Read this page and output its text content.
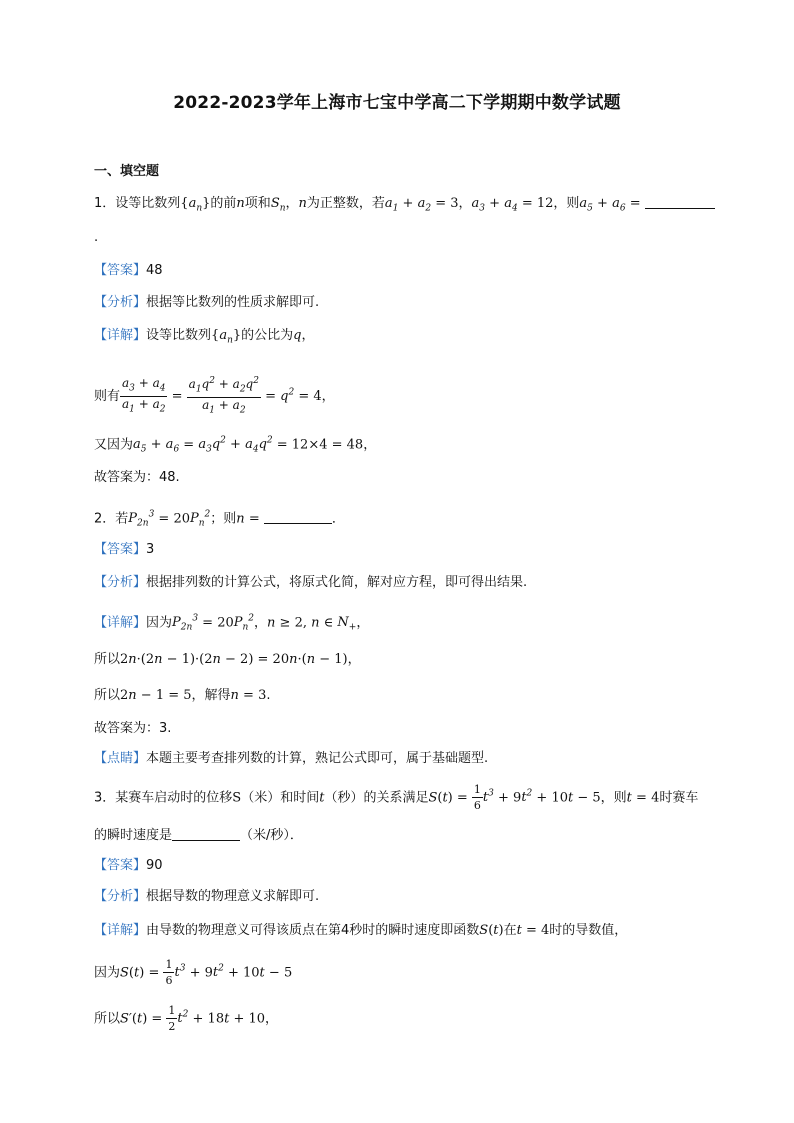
2022-2023学年上海市七宝中学高二下学期期中数学试题
一、填空题
1．设等比数列$\{a_n\}$的前n项和$S_n$，n为正整数，若$a_1 + a_2 = 3$，$a_3 + a_4 = 12$，则$a_5 + a_6$ =
.
【答案】48
【分析】根据等比数列的性质求解即可.
【详解】设等比数列$\{a_n\}$的公比为q，
则有 $\frac{a_3 + a_4}{a_1 + a_2} = \frac{a_1q^2 + a_2q^2}{a_1 + a_2} = q^2 = 4$，
又因为$a_5 + a_6 = a_3q^2 + a_4q^2 = 12\times 4 = 48$，
故答案为：48.
2．若$P_{2n}^3 = 20P_n^2$；则n =	．
【答案】3
【分析】根据排列数的计算公式，将原式化简，解对应方程，即可得出结果.
【详解】因为$P_{2n}^3 = 20P_n^2$，n ≥ 2, n ∈ $N_+$，
所以2n·(2n − 1)·(2n − 2) = 20n·(n − 1)，
所以2n − 1 = 5，解得n = 3.
故答案为：3.
【点睛】本题主要考查排列数的计算，熟记公式即可，属于基础题型.
3．某赛车启动时的位移S（米）和时间t（秒）的关系满足$S(t) = \frac{1}{6} t^3 + 9t^2 + 10t - 5$，则t = 4时赛车
的瞬时速度是	（米/秒）．
【答案】90
【分析】根据导数的物理意义求解即可.
【详解】由导数的物理意义可得该质点在第4秒时的瞬时速度即函数S(t)在t = 4时的导数值，
因为$S(t) = \frac{1}{6} t^3 + 9t^2 + 10t - 5$
所以$S'(t) = \frac{1}{2} t^2 + 18t + 10$，
